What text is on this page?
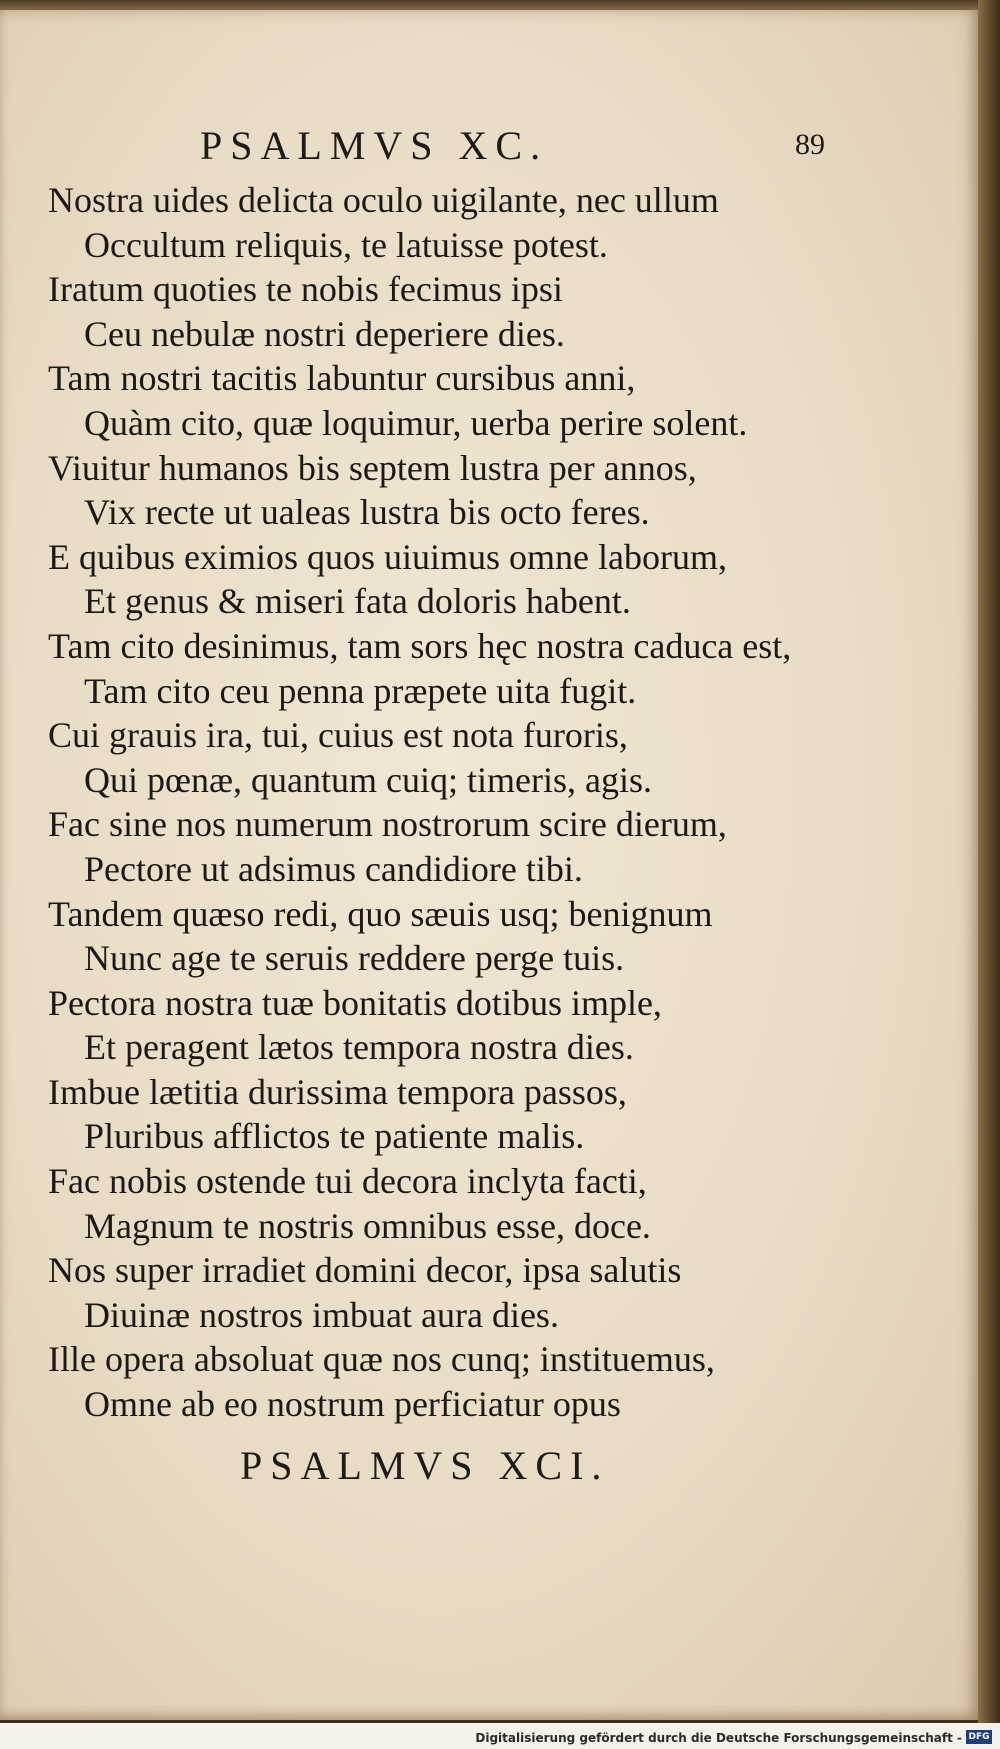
PSALMVS XC.	89
Nostra uides delicta oculo uigilante, nec ullum
Occultum reliquis, te latuisse potest.
Iratum quoties te nobis fecimus ipsi
Ceu nebulæ nostri deperiere dies.
Tam nostri tacitis labuntur cursibus anni,
Quàm cito, quæ loquimur, uerba perire solent.
Viuitur humanos bis septem lustra per annos,
Vix recte ut ualeas lustra bis octo feres.
E quibus eximios quos uiuimus omne laborum,
Et genus & miseri fata doloris habent.
Tam cito desinimus, tam sors hęc nostra caduca est,
Tam cito ceu penna præpete uita fugit.
Cui grauis ira, tui, cuius est nota furoris,
Qui pœnæ, quantum cuiq; timeris, agis.
Fac sine nos numerum nostrorum scire dierum,
Pectore ut adsimus candidiore tibi.
Tandem quæso redi, quo sæuis usq; benignum
Nunc age te seruis reddere perge tuis.
Pectora nostra tuæ bonitatis dotibus imple,
Et peragent lætos tempora nostra dies.
Imbue lætitia durissima tempora passos,
Pluribus afflictos te patiente malis.
Fac nobis ostende tui decora inclyta facti,
Magnum te nostris omnibus esse, doce.
Nos super irradiet domini decor, ipsa salutis
Diuinæ nostros imbuat aura dies.
Ille opera absoluat quæ nos cunq; instituemus,
Omne ab eo nostrum perficiatur opus
PSALMVS XCI.
Digitalisierung gefördert durch die Deutsche Forschungsgemeinschaft - DFG
